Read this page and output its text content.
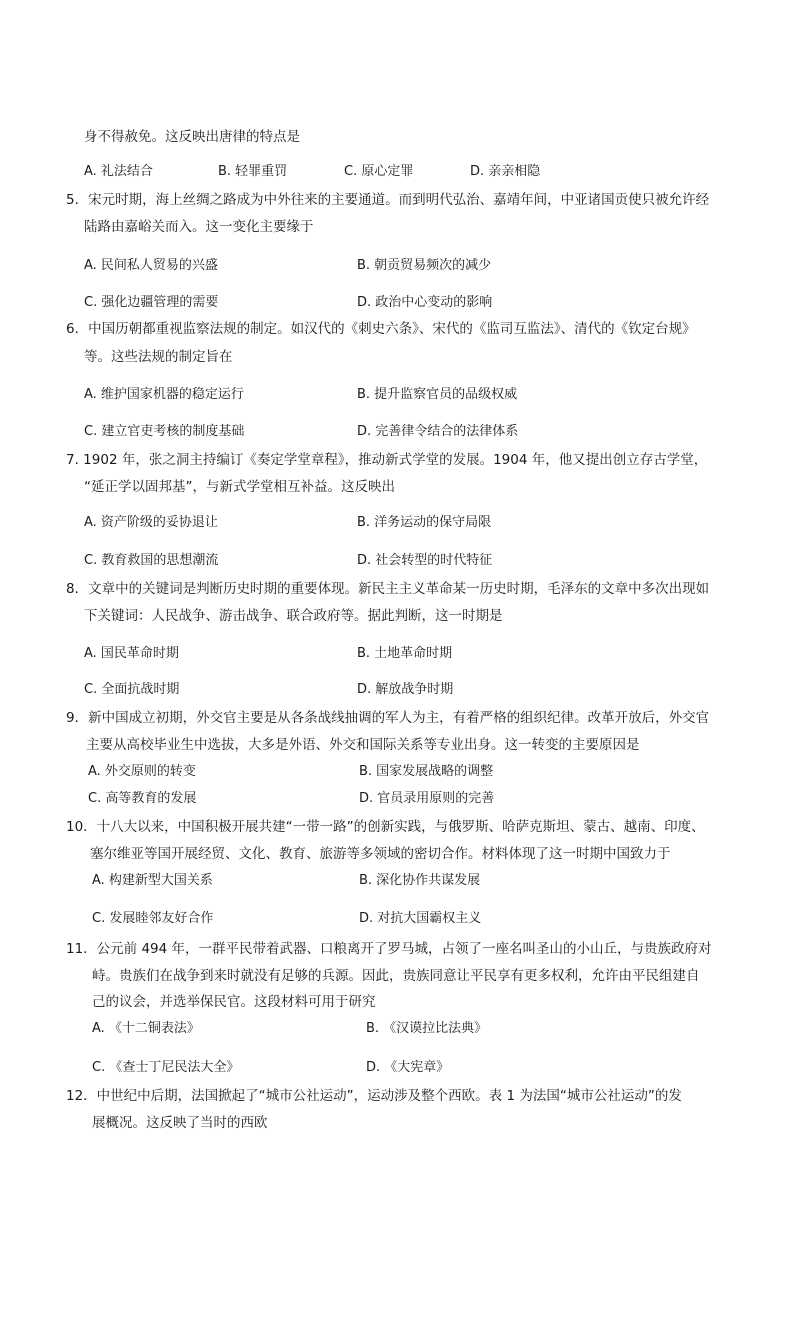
身不得赦免。这反映出唐律的特点是
A. 礼法结合	B. 轻罪重罚	C. 原心定罪	D. 亲亲相隐
5．宋元时期，海上丝绸之路成为中外往来的主要通道。而到明代弘治、嘉靖年间，中亚诸国贡使只被允许经
陆路由嘉峪关而入。这一变化主要缘于
A. 民间私人贸易的兴盛	B. 朝贡贸易频次的减少
C. 强化边疆管理的需要	D. 政治中心变动的影响
6．中国历朝都重视监察法规的制定。如汉代的《刺史六条》、宋代的《监司互监法》、清代的《钦定台规》
等。这些法规的制定旨在
A. 维护国家机器的稳定运行	B. 提升监察官员的品级权威
C. 建立官吏考核的制度基础	D. 完善律令结合的法律体系
7. 1902 年，张之洞主持编订《奏定学堂章程》，推动新式学堂的发展。1904 年，他又提出创立存古学堂，
“延正学以固邦基”，与新式学堂相互补益。这反映出
A. 资产阶级的妥协退让	B. 洋务运动的保守局限
C. 教育救国的思想潮流	D. 社会转型的时代特征
8．文章中的关键词是判断历史时期的重要体现。新民主主义革命某一历史时期，毛泽东的文章中多次出现如
下关键词：人民战争、游击战争、联合政府等。据此判断，这一时期是
A. 国民革命时期	B. 土地革命时期
C. 全面抗战时期	D. 解放战争时期
9．新中国成立初期，外交官主要是从各条战线抽调的军人为主，有着严格的组织纪律。改革开放后，外交官
主要从高校毕业生中选拔，大多是外语、外交和国际关系等专业出身。这一转变的主要原因是
A. 外交原则的转变	B. 国家发展战略的调整
C. 高等教育的发展	D. 官员录用原则的完善
10．十八大以来，中国积极开展共建“一带一路”的创新实践，与俄罗斯、哈萨克斯坦、蒙古、越南、印度、
塞尔维亚等国开展经贸、文化、教育、旅游等多领域的密切合作。材料体现了这一时期中国致力于
A. 构建新型大国关系	B. 深化协作共谋发展
C. 发展睦邻友好合作	D. 对抗大国霸权主义
11．公元前 494 年，一群平民带着武器、口粮离开了罗马城，占领了一座名叫圣山的小山丘，与贵族政府对
峙。贵族们在战争到来时就没有足够的兵源。因此，贵族同意让平民享有更多权利，允许由平民组建自
己的议会，并选举保民官。这段材料可用于研究
A. 《十二铜表法》	B. 《汉谟拉比法典》
C. 《查士丁尼民法大全》	D. 《大宪章》
12．中世纪中后期，法国掀起了“城市公社运动”，运动涉及整个西欧。表 1 为法国“城市公社运动”的发
展概况。这反映了当时的西欧
